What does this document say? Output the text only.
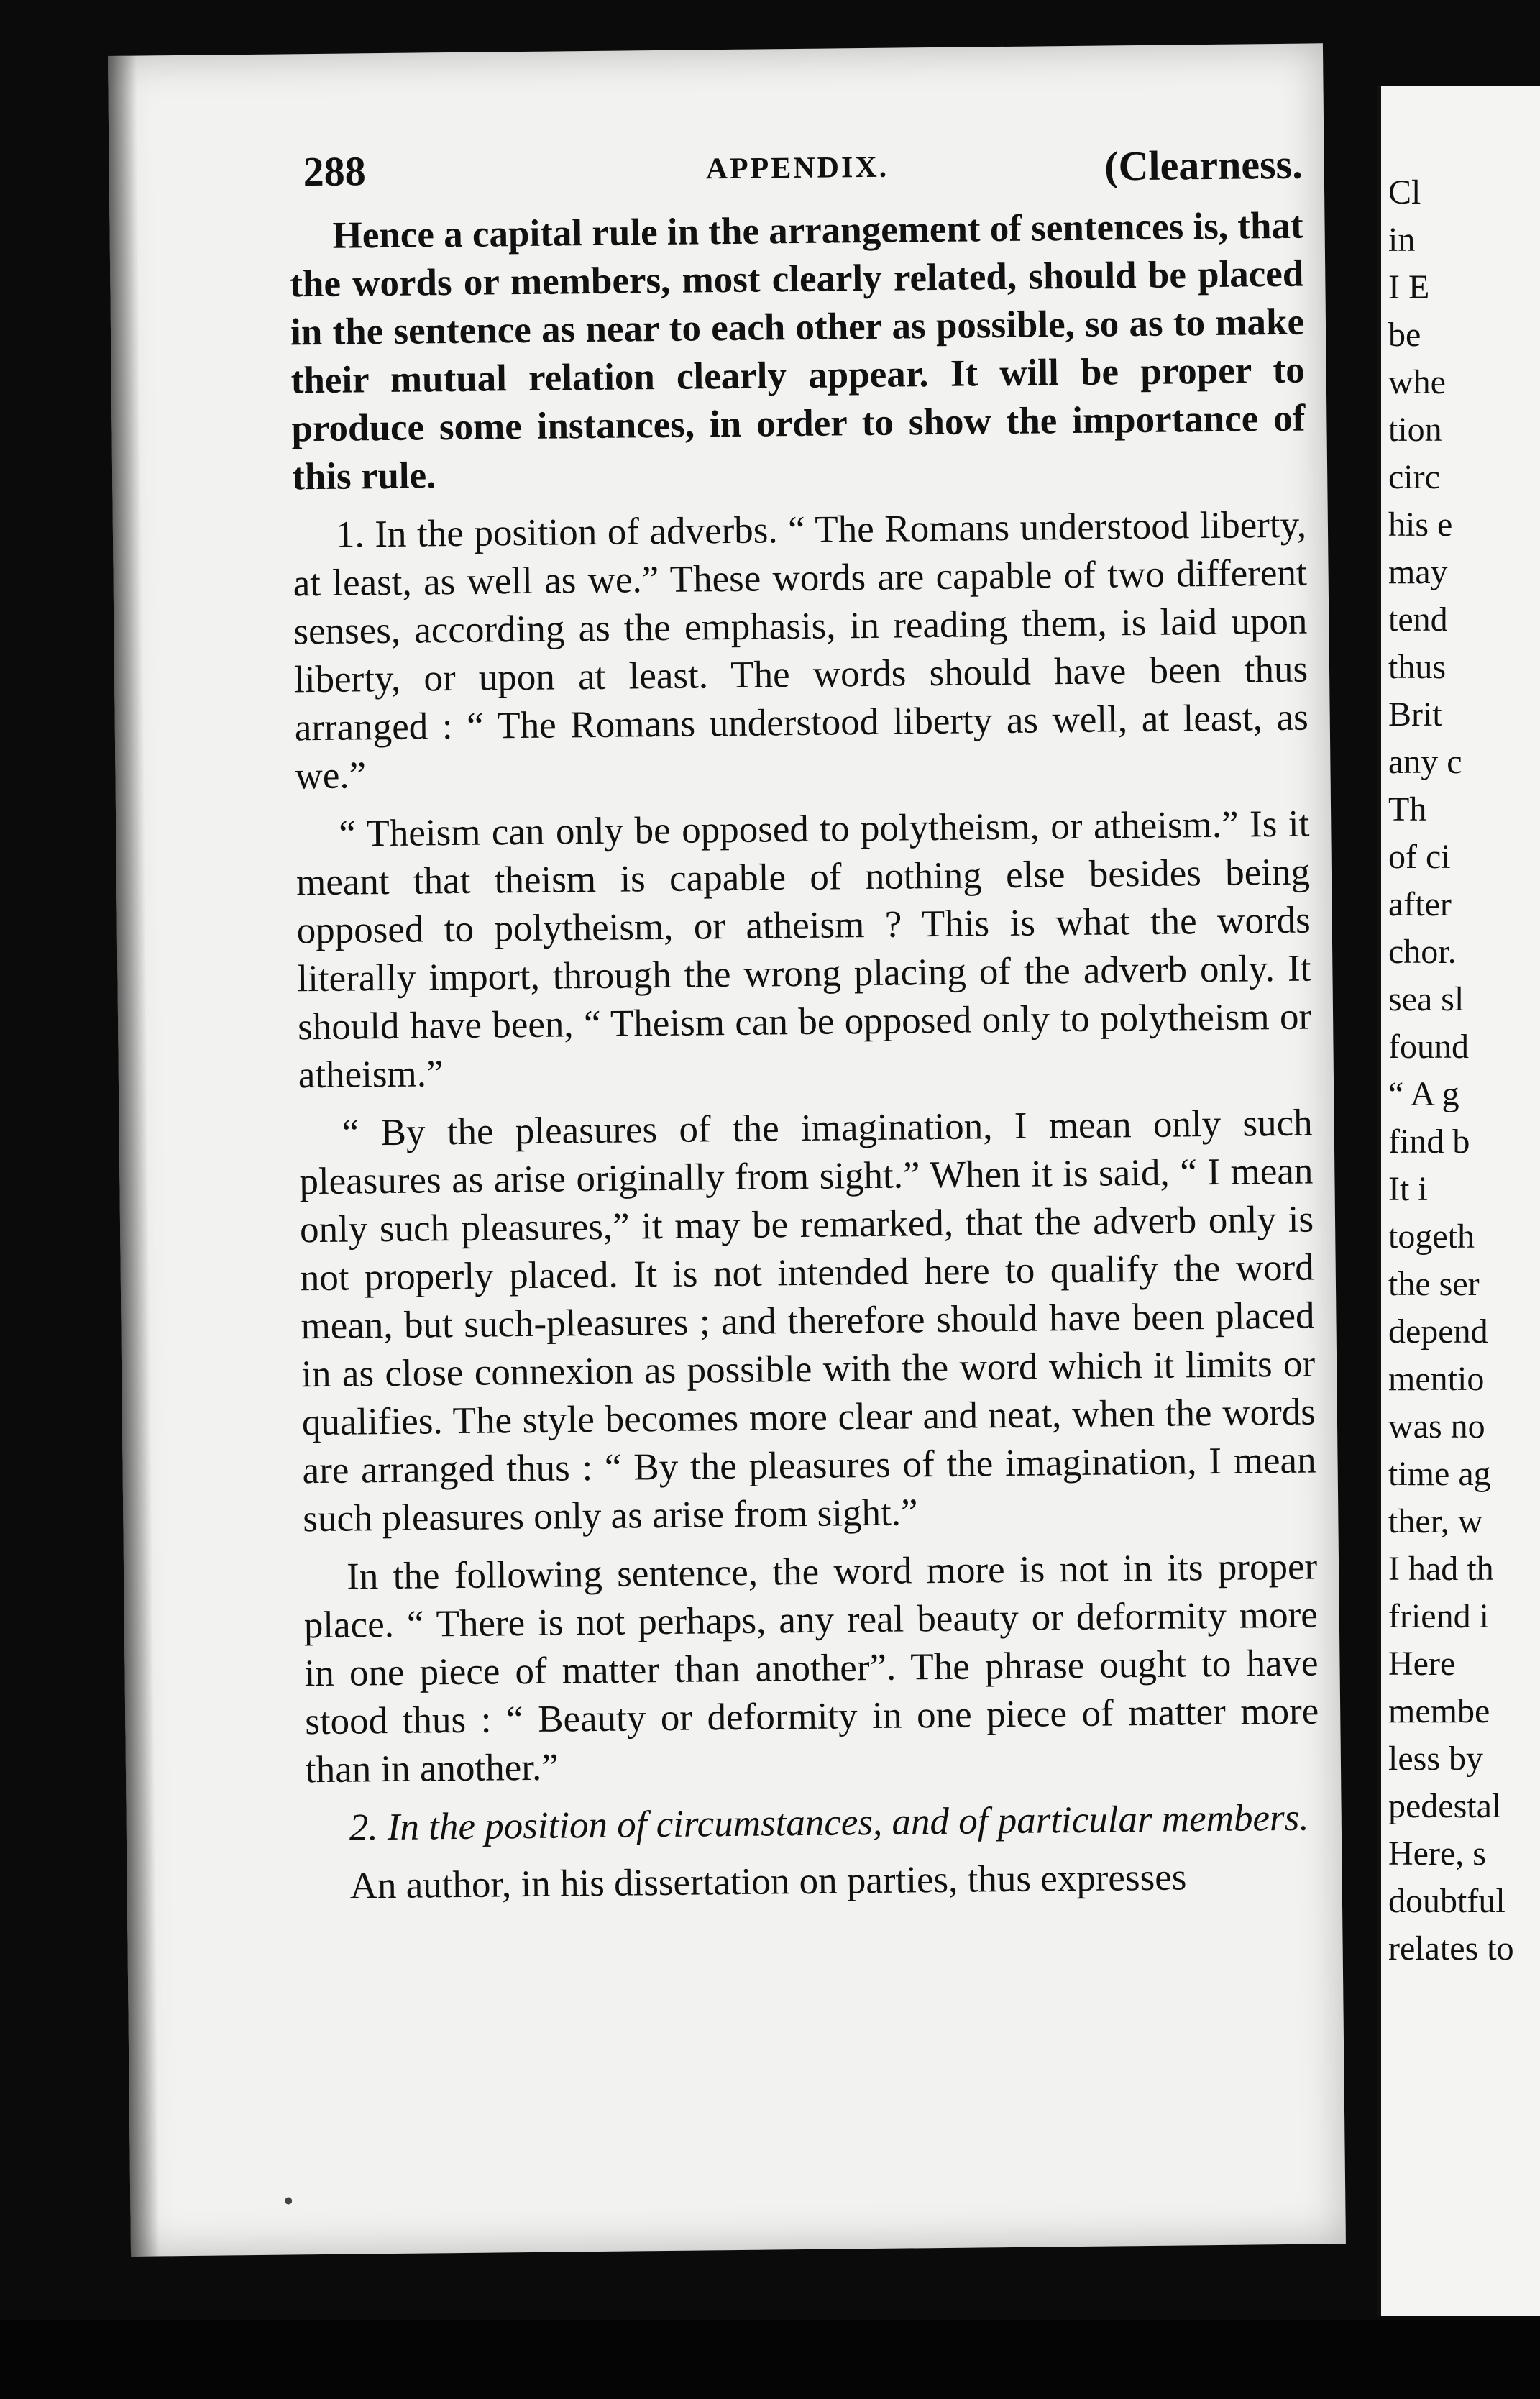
288	APPENDIX.	(Clearness.

Hence a capital rule in the arrangement of sentences is, that the words or members, most clearly related, should be placed in the sentence as near to each other as possible, so as to make their mutual relation clearly appear. It will be proper to produce some instances, in order to show the importance of this rule.

1. In the position of adverbs. “ The Romans understood liberty, at least, as well as we.” These words are capable of two different senses, according as the emphasis, in reading them, is laid upon liberty, or upon at least. The words should have been thus arranged : “ The Romans understood liberty as well, at least, as we.”

“ Theism can only be opposed to polytheism, or atheism.” Is it meant that theism is capable of nothing else besides being opposed to polytheism, or atheism ? This is what the words literally import, through the wrong placing of the adverb only. It should have been, “ Theism can be opposed only to polytheism or atheism.”

“ By the pleasures of the imagination, I mean only such pleasures as arise originally from sight.” When it is said, “ I mean only such pleasures,” it may be remarked, that the adverb only is not properly placed. It is not intended here to qualify the word mean, but such-pleasures ; and therefore should have been placed in as close connexion as possible with the word which it limits or qualifies. The style becomes more clear and neat, when the words are arranged thus : “ By the pleasures of the imagination, I mean such pleasures only as arise from sight.”

In the following sentence, the word more is not in its proper place. “ There is not perhaps, any real beauty or deformity more in one piece of matter than another”. The phrase ought to have stood thus : “ Beauty or deformity in one piece of matter more than in another.”

2. In the position of circumstances, and of particular members.

An author, in his dissertation on parties, thus expresses

Cl
in
I E
be
whe
tion
circ
his e
may
tend
thus
Brit
any c
Th
of ci
after
chor.
sea sl
found
“ A g
find b
It i
togeth
the ser
depend
mentio
was no
time ag
ther, w
I had th
friend i
Here
membe
less by
pedestal
Here, s
doubtful
relates to
